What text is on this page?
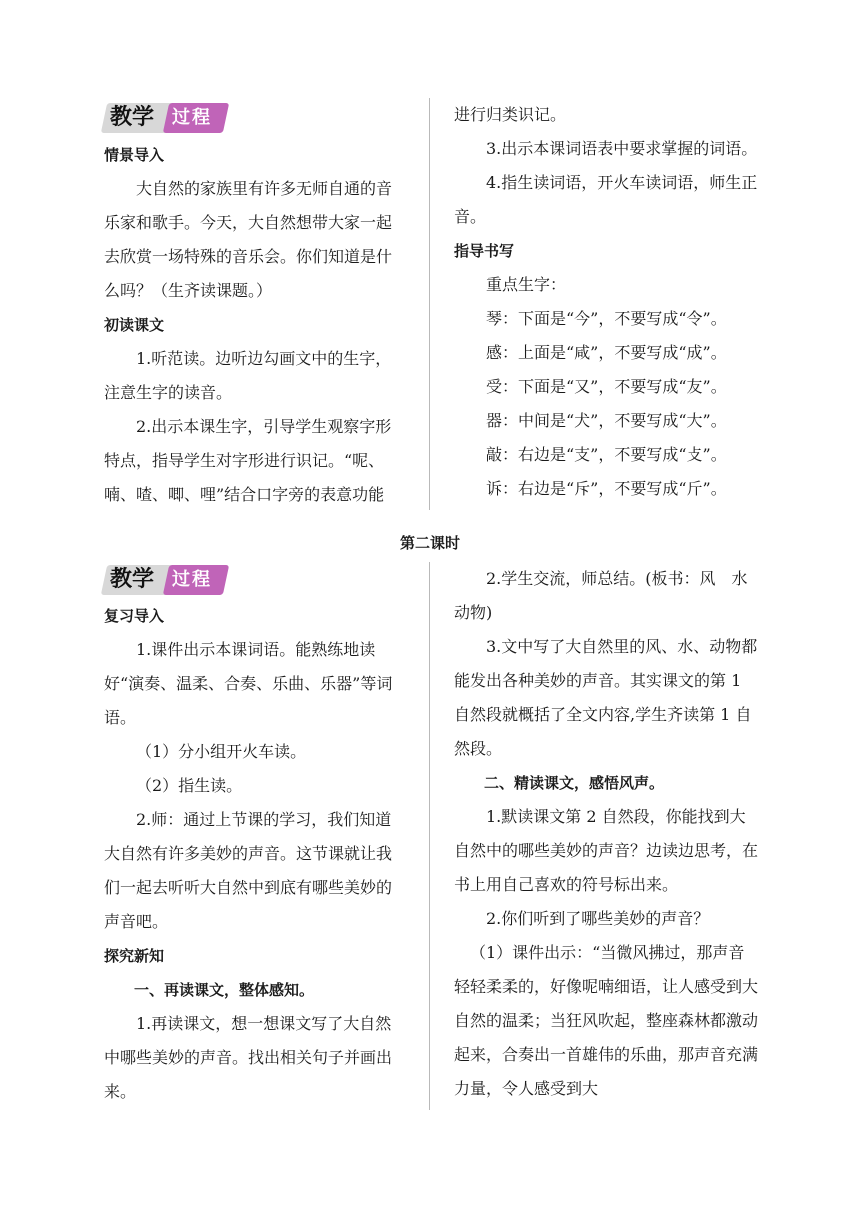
教学 过程

情景导入

大自然的家族里有许多无师自通的音乐家和歌手。今天，大自然想带大家一起去欣赏一场特殊的音乐会。你们知道是什么吗？（生齐读课题。）

初读课文

1.听范读。边听边勾画文中的生字，注意生字的读音。

2.出示本课生字，引导学生观察字形特点，指导学生对字形进行识记。“呢、喃、喳、唧、哩”结合口字旁的表意功能

进行归类识记。

3.出示本课词语表中要求掌握的词语。

4.指生读词语，开火车读词语，师生正音。

指导书写

重点生字：

琴：下面是“今”，不要写成“令”。

感：上面是“咸”，不要写成“成”。

受：下面是“又”，不要写成“友”。

器：中间是“犬”，不要写成“大”。

敲：右边是“支”，不要写成“攴”。

诉：右边是“斥”，不要写成“斤”。

第二课时
教学 过程

复习导入

1.课件出示本课词语。能熟练地读好“演奏、温柔、合奏、乐曲、乐器”等词语。

（1）分小组开火车读。

（2）指生读。

2.师：通过上节课的学习，我们知道大自然有许多美妙的声音。这节课就让我们一起去听听大自然中到底有哪些美妙的声音吧。

探究新知

一、再读课文，整体感知。

1.再读课文，想一想课文写了大自然中哪些美妙的声音。找出相关句子并画出来。

2.学生交流，师总结。(板书：风　水动物)

3.文中写了大自然里的风、水、动物都能发出各种美妙的声音。其实课文的第 1 自然段就概括了全文内容,学生齐读第 1 自然段。

二、精读课文，感悟风声。

1.默读课文第 2 自然段，你能找到大自然中的哪些美妙的声音？边读边思考，在书上用自己喜欢的符号标出来。

2.你们听到了哪些美妙的声音？

（1）课件出示：“当微风拂过，那声音轻轻柔柔的，好像呢喃细语，让人感受到大自然的温柔；当狂风吹起，整座森林都激动起来，合奏出一首雄伟的乐曲，那声音充满力量，令人感受到大
